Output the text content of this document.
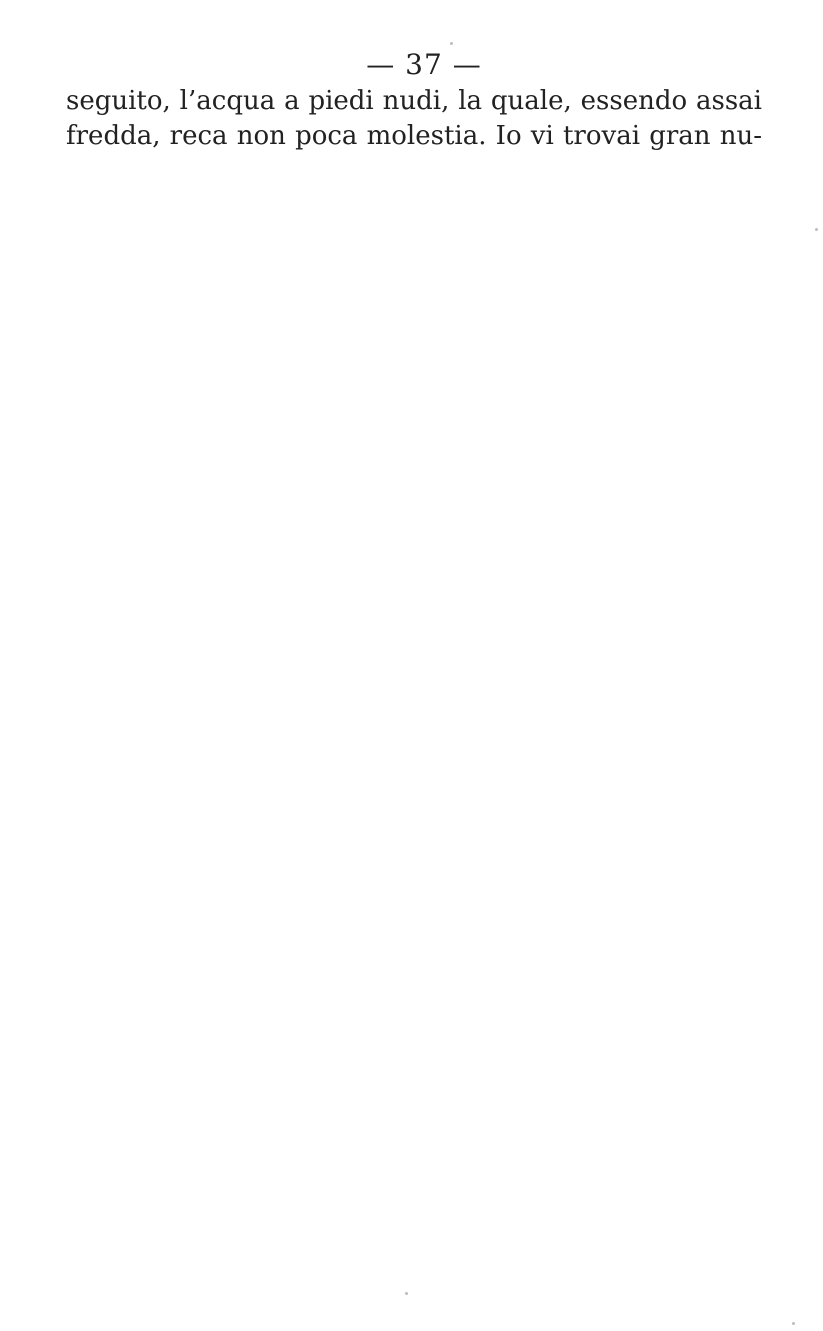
— 37 —
seguito, l’acqua a piedi nudi, la quale, essendo assai
fredda, reca non poca molestia. Io vi trovai gran nu-
